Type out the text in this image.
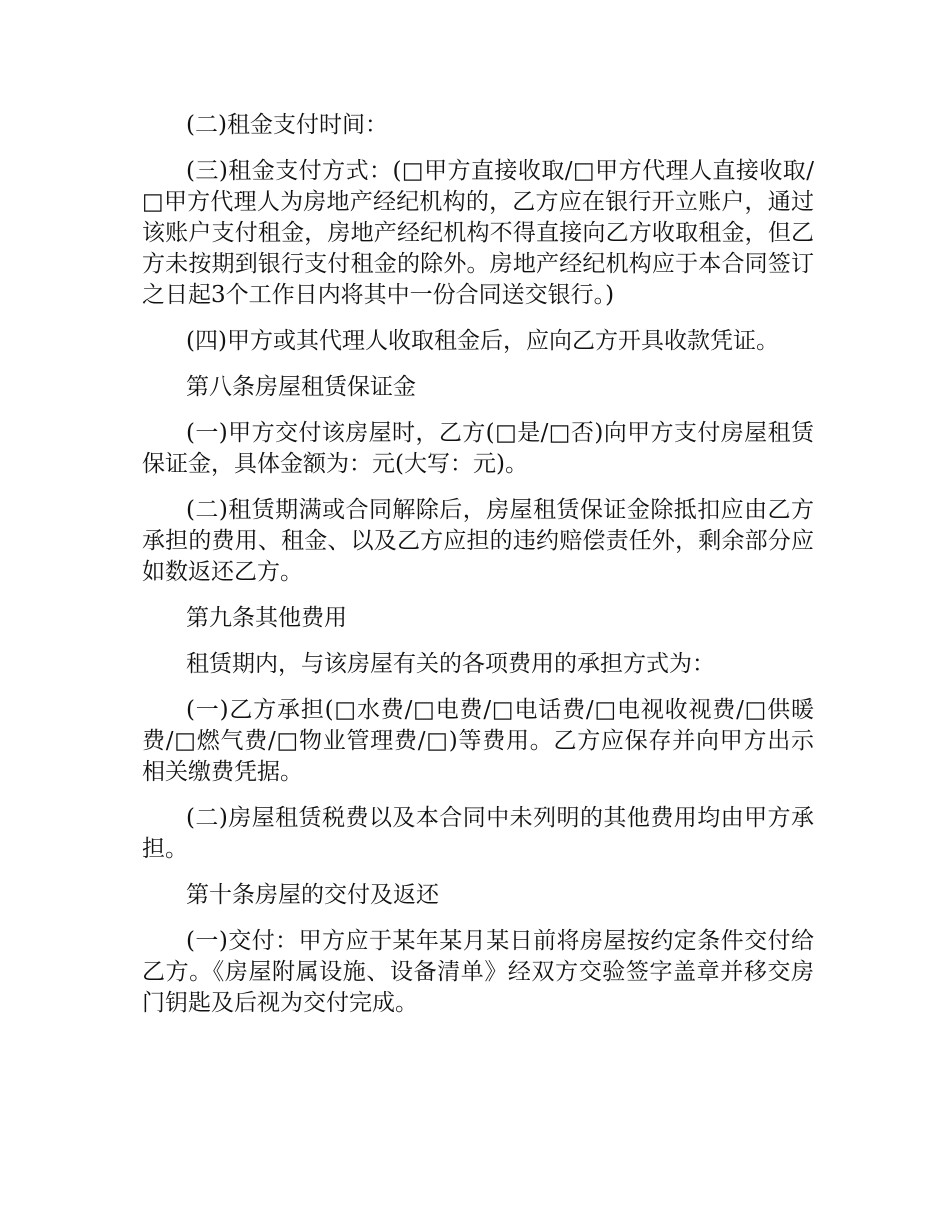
(二)租金支付时间：

(三)租金支付方式：(□甲方直接收取/□甲方代理人直接收取/□甲方代理人为房地产经纪机构的，乙方应在银行开立账户，通过该账户支付租金，房地产经纪机构不得直接向乙方收取租金，但乙方未按期到银行支付租金的除外。房地产经纪机构应于本合同签订之日起3个工作日内将其中一份合同送交银行。)

(四)甲方或其代理人收取租金后，应向乙方开具收款凭证。

第八条房屋租赁保证金

(一)甲方交付该房屋时，乙方(□是/□否)向甲方支付房屋租赁保证金，具体金额为：元(大写：元)。

(二)租赁期满或合同解除后，房屋租赁保证金除抵扣应由乙方承担的费用、租金、以及乙方应担的违约赔偿责任外，剩余部分应如数返还乙方。

第九条其他费用

租赁期内，与该房屋有关的各项费用的承担方式为：

(一)乙方承担(□水费/□电费/□电话费/□电视收视费/□供暖费/□燃气费/□物业管理费/□)等费用。乙方应保存并向甲方出示相关缴费凭据。

(二)房屋租赁税费以及本合同中未列明的其他费用均由甲方承担。

第十条房屋的交付及返还

(一)交付：甲方应于某年某月某日前将房屋按约定条件交付给乙方。《房屋附属设施、设备清单》经双方交验签字盖章并移交房门钥匙及后视为交付完成。
